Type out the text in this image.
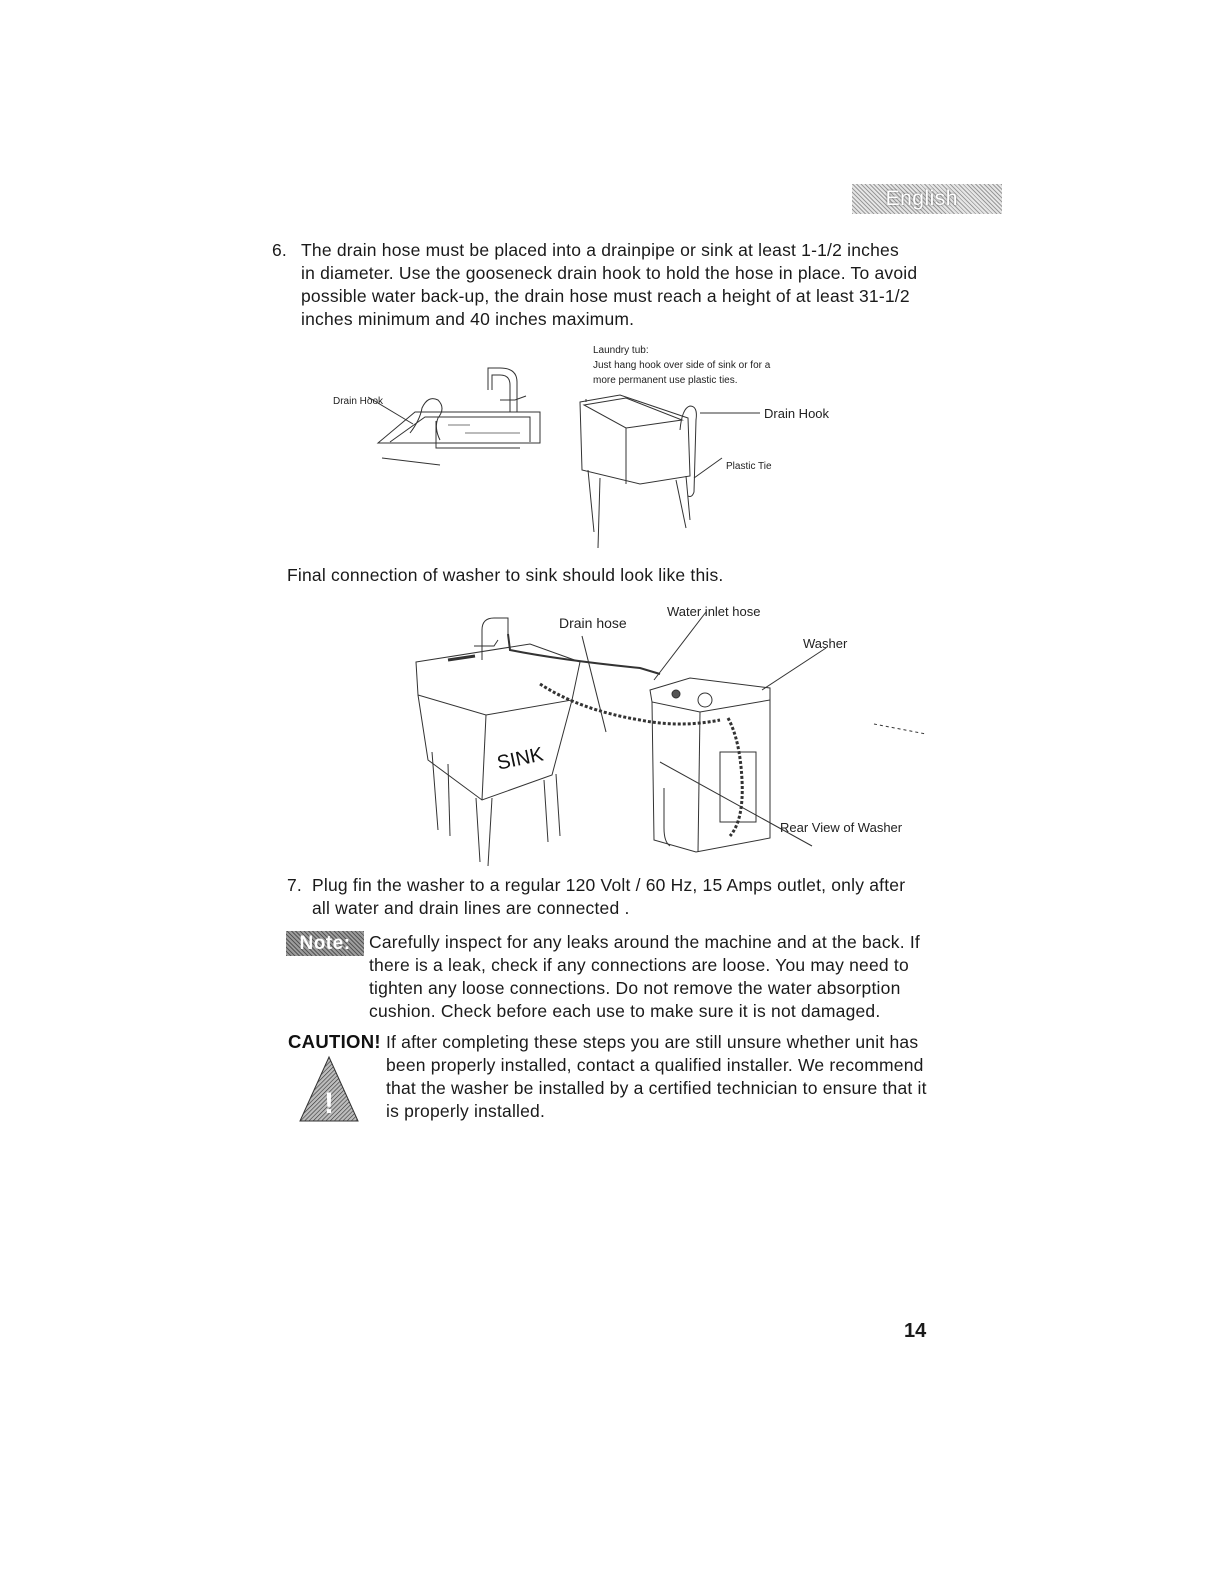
English
6. The drain hose must be placed into a drainpipe or sink at least 1-1/2 inches
in diameter. Use the gooseneck drain hook to hold the hose in place. To avoid
possible water back-up, the drain hose must reach a height of at least 31-1/2
inches minimum and 40 inches maximum.
Drain Hook
Laundry tub:
Just hang hook over side of sink or for a
more permanent use plastic ties.
Drain Hook
Plastic Tie
Final connection of washer to sink should look like this.
Drain hose
Water inlet hose
Washer
SINK
Rear View of Washer
7. Plug fin the washer to a regular 120 Volt / 60 Hz, 15 Amps outlet, only after
all water and drain lines are connected .
Note: Carefully inspect for any leaks around the machine and at the back. If
there is a leak, check if any connections are loose. You may need to
tighten any loose connections. Do not remove the water absorption
cushion. Check before each use to make sure it is not damaged.
CAUTION! If after completing these steps you are still unsure whether unit has
been properly installed, contact a qualified installer. We recommend
that the washer be installed by a certified technician to ensure that it
is properly installed.
!
14
